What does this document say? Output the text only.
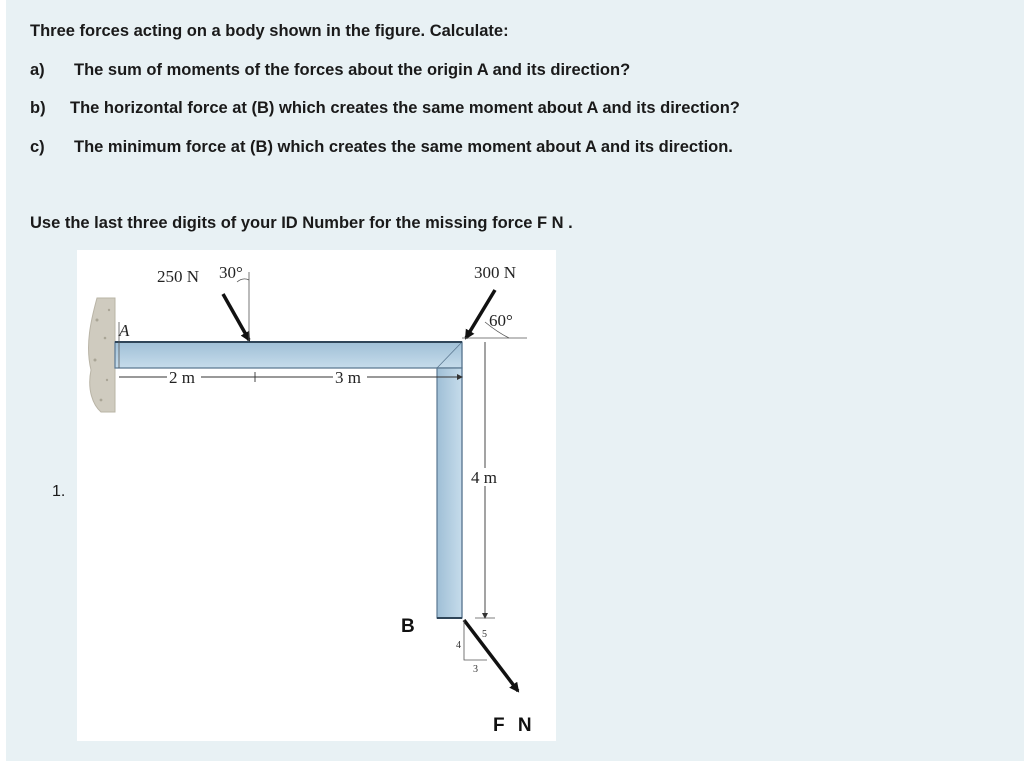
Three forces acting on a body shown in the figure. Calculate:
a) The sum of moments of the forces about the origin A and its direction?
b) The horizontal force at (B) which creates the same moment about A and its direction?
c) The minimum force at (B) which creates the same moment about A and its direction.
Use the last three digits of your ID Number for the missing force F N .
1.
A
250 N 30°	300 N
60°
2 m	3 m
4 m
B
4
5
3
F N
